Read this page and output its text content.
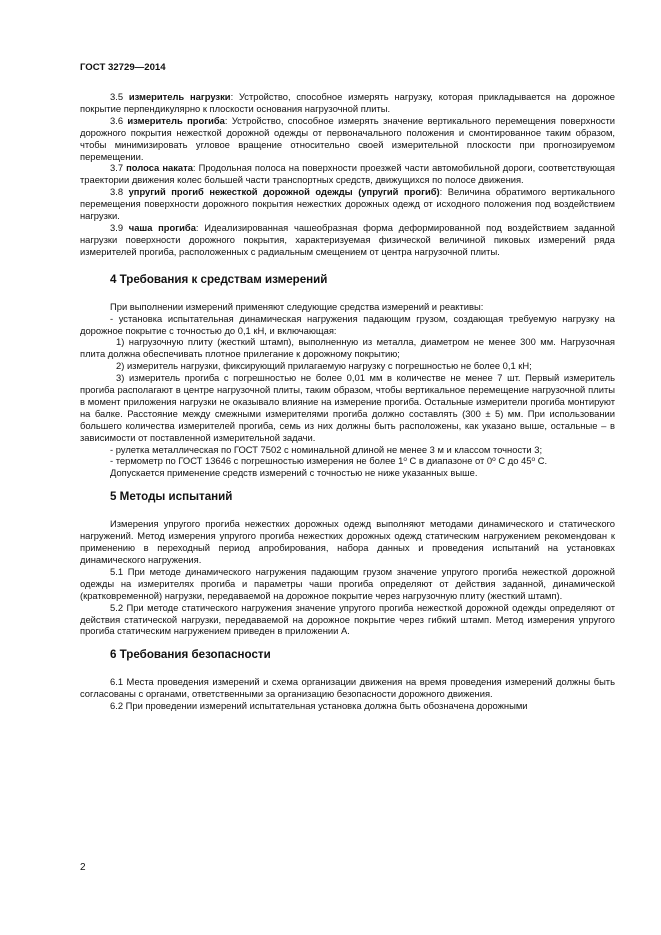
ГОСТ 32729—2014

3.5 измеритель нагрузки: Устройство, способное измерять нагрузку, которая прикладывается на дорожное покрытие перпендикулярно к плоскости основания нагрузочной плиты.

3.6 измеритель прогиба: Устройство, способное измерять значение вертикального перемещения поверхности дорожного покрытия нежесткой дорожной одежды от первоначального положения и смонтированное таким образом, чтобы минимизировать угловое вращение относительно своей измерительной плоскости при прогнозируемом перемещении.

3.7 полоса наката: Продольная полоса на поверхности проезжей части автомобильной дороги, соответствующая траектории движения колес большей части транспортных средств, движущихся по полосе движения.

3.8 упругий прогиб нежесткой дорожной одежды (упругий прогиб): Величина обратимого вертикального перемещения поверхности дорожного покрытия нежестких дорожных одежд от исходного положения под воздействием нагрузки.

3.9 чаша прогиба: Идеализированная чашеобразная форма деформированной под воздействием заданной нагрузки поверхности дорожного покрытия, характеризуемая физической величиной пиковых измерений ряда измерителей прогиба, расположенных с радиальным смещением от центра нагрузочной плиты.

4 Требования к средствам измерений

При выполнении измерений применяют следующие средства измерений и реактивы:

- установка испытательная динамическая нагружения падающим грузом, создающая требуемую нагрузку на дорожное покрытие с точностью до 0,1 кН, и включающая:

1) нагрузочную плиту (жесткий штамп), выполненную из металла, диаметром не менее 300 мм. Нагрузочная плита должна обеспечивать плотное прилегание к дорожному покрытию;

2) измеритель нагрузки, фиксирующий прилагаемую нагрузку с погрешностью не более 0,1 кН;

3) измеритель прогиба с погрешностью не более 0,01 мм в количестве не менее 7 шт. Первый измеритель прогиба располагают в центре нагрузочной плиты, таким образом, чтобы вертикальное перемещение нагрузочной плиты в момент приложения нагрузки не оказывало влияние на измерение прогиба. Остальные измерители прогиба монтируют на балке. Расстояние между смежными измерителями прогиба должно составлять (300 ± 5) мм. При использовании большего количества измерителей прогиба, семь из них должны быть расположены, как указано выше, остальные – в зависимости от поставленной измерительной задачи.

- рулетка металлическая по ГОСТ 7502 с номинальной длиной не менее 3 м и классом точности 3;

- термометр по ГОСТ 13646 с погрешностью измерения не более $1^о$ С в диапазоне от $0^о$ С до $45^о$ С.

Допускается применение средств измерений с точностью не ниже указанных выше.

5 Методы испытаний

Измерения упругого прогиба нежестких дорожных одежд выполняют методами динамического и статического нагружений. Метод измерения упругого прогиба нежестких дорожных одежд статическим нагружением рекомендован к применению в переходный период апробирования, набора данных и проведения испытаний на установках динамического нагружения.

5.1 При методе динамического нагружения падающим грузом значение упругого прогиба нежесткой дорожной одежды на измерителях прогиба и параметры чаши прогиба определяют от действия заданной, динамической (кратковременной) нагрузки, передаваемой на дорожное покрытие через нагрузочную плиту (жесткий штамп).

5.2 При методе статического нагружения значение упругого прогиба нежесткой дорожной одежды определяют от действия статической нагрузки, передаваемой на дорожное покрытие через гибкий штамп. Метод измерения упругого прогиба статическим нагружением приведен в приложении А.

6 Требования безопасности

6.1 Места проведения измерений и схема организации движения на время проведения измерений должны быть согласованы с органами, ответственными за организацию безопасности дорожного движения.

6.2 При проведении измерений испытательная установка должна быть обозначена дорожными

2
